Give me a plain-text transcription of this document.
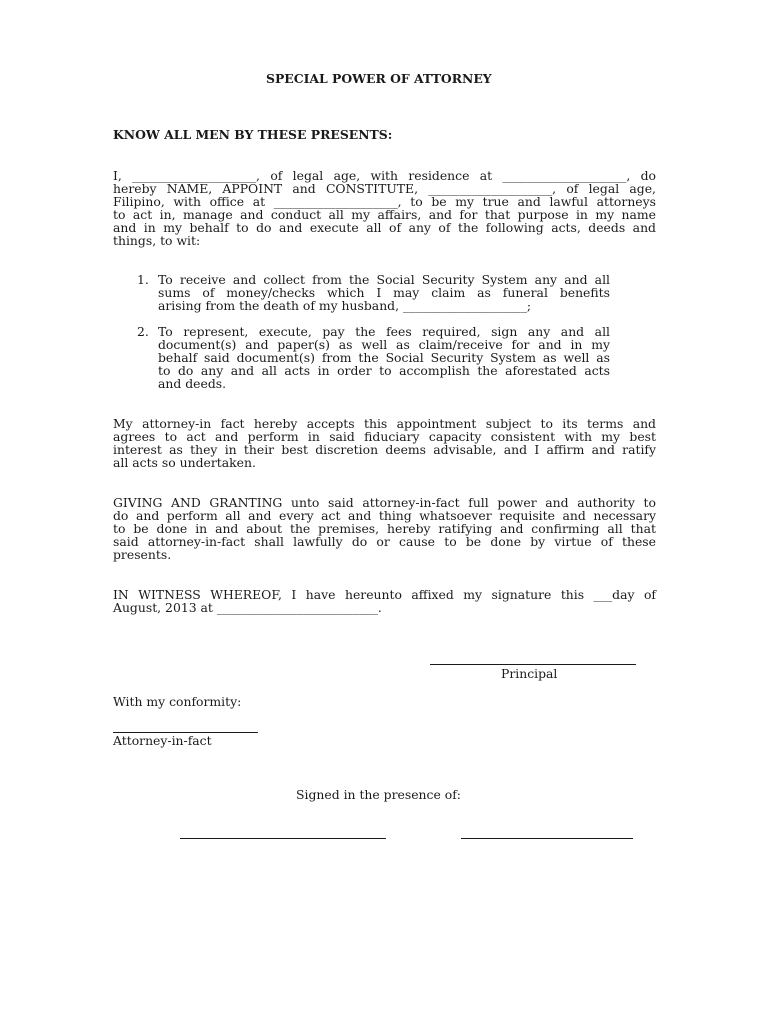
SPECIAL POWER OF ATTORNEY
KNOW ALL MEN BY THESE PRESENTS:
I, ____________________, of legal age, with residence at ____________________, do
hereby NAME, APPOINT and CONSTITUTE, ____________________, of legal age,
Filipino, with office at ____________________, to be my true and lawful attorneys
to act in, manage and conduct all my affairs, and for that purpose in my name
and in my behalf to do and execute all of any of the following acts, deeds and
things, to wit:
1. To receive and collect from the Social Security System any and all
sums of money/checks which I may claim as funeral benefits
arising from the death of my husband, ____________________;
2. To represent, execute, pay the fees required, sign any and all
document(s) and paper(s) as well as claim/receive for and in my
behalf said document(s) from the Social Security System as well as
to do any and all acts in order to accomplish the aforestated acts
and deeds.
My attorney-in fact hereby accepts this appointment subject to its terms and
agrees to act and perform in said fiduciary capacity consistent with my best
interest as they in their best discretion deems advisable, and I affirm and ratify
all acts so undertaken.
GIVING AND GRANTING unto said attorney-in-fact full power and authority to
do and perform all and every act and thing whatsoever requisite and necessary
to be done in and about the premises, hereby ratifying and confirming all that
said attorney-in-fact shall lawfully do or cause to be done by virtue of these
presents.
IN WITNESS WHEREOF, I have hereunto affixed my signature this ___day of
August, 2013 at __________________________.
Principal
With my conformity:
Attorney-in-fact
Signed in the presence of:
